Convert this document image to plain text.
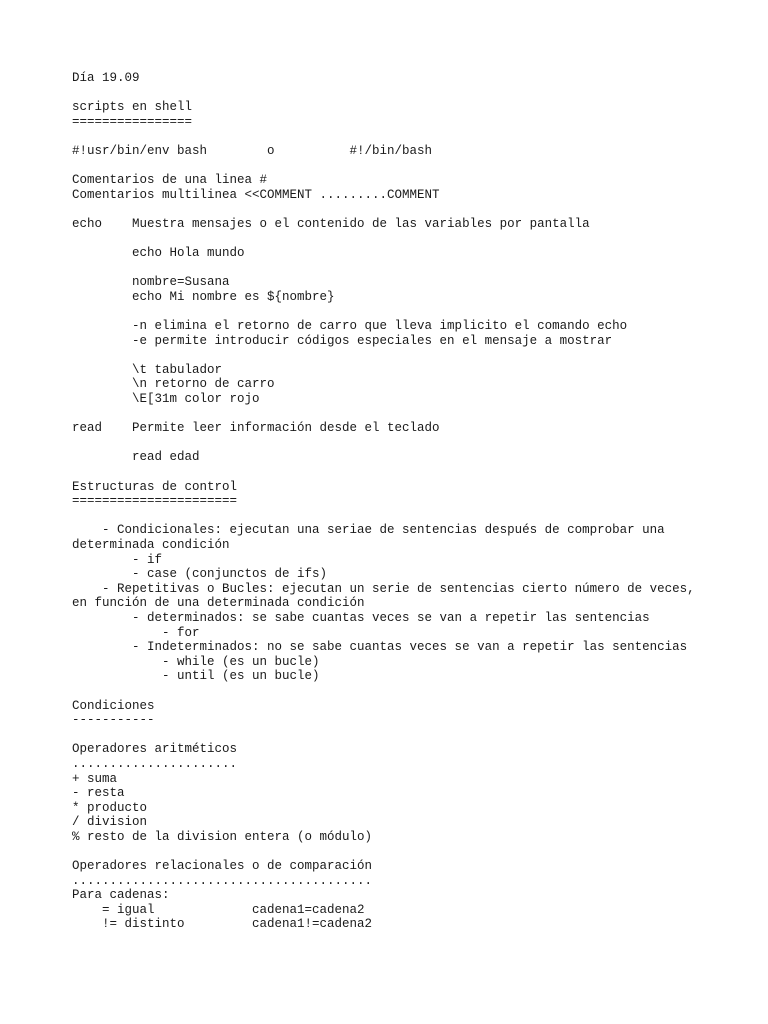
Día 19.09

scripts en shell
================

#!usr/bin/env bash        o          #!/bin/bash

Comentarios de una linea #
Comentarios multilinea <<COMMENT .........COMMENT

echo    Muestra mensajes o el contenido de las variables por pantalla

echo Hola mundo

nombre=Susana
echo Mi nombre es ${nombre}

-n elimina el retorno de carro que lleva implicito el comando echo
-e permite introducir códigos especiales en el mensaje a mostrar

\t tabulador
\n retorno de carro
\E[31m color rojo

read    Permite leer información desde el teclado

read edad

Estructuras de control
======================

- Condicionales: ejecutan una seriae de sentencias después de comprobar una
determinada condición
- if
- case (conjunctos de ifs)
- Repetitivas o Bucles: ejecutan un serie de sentencias cierto número de veces,
en función de una determinada condición
- determinados: se sabe cuantas veces se van a repetir las sentencias
- for
- Indeterminados: no se sabe cuantas veces se van a repetir las sentencias
- while (es un bucle)
- until (es un bucle)

Condiciones
-----------

Operadores aritméticos
......................
+ suma
- resta
* producto
/ division
% resto de la division entera (o módulo)

Operadores relacionales o de comparación
........................................
Para cadenas:
= igual             cadena1=cadena2
!= distinto         cadena1!=cadena2
